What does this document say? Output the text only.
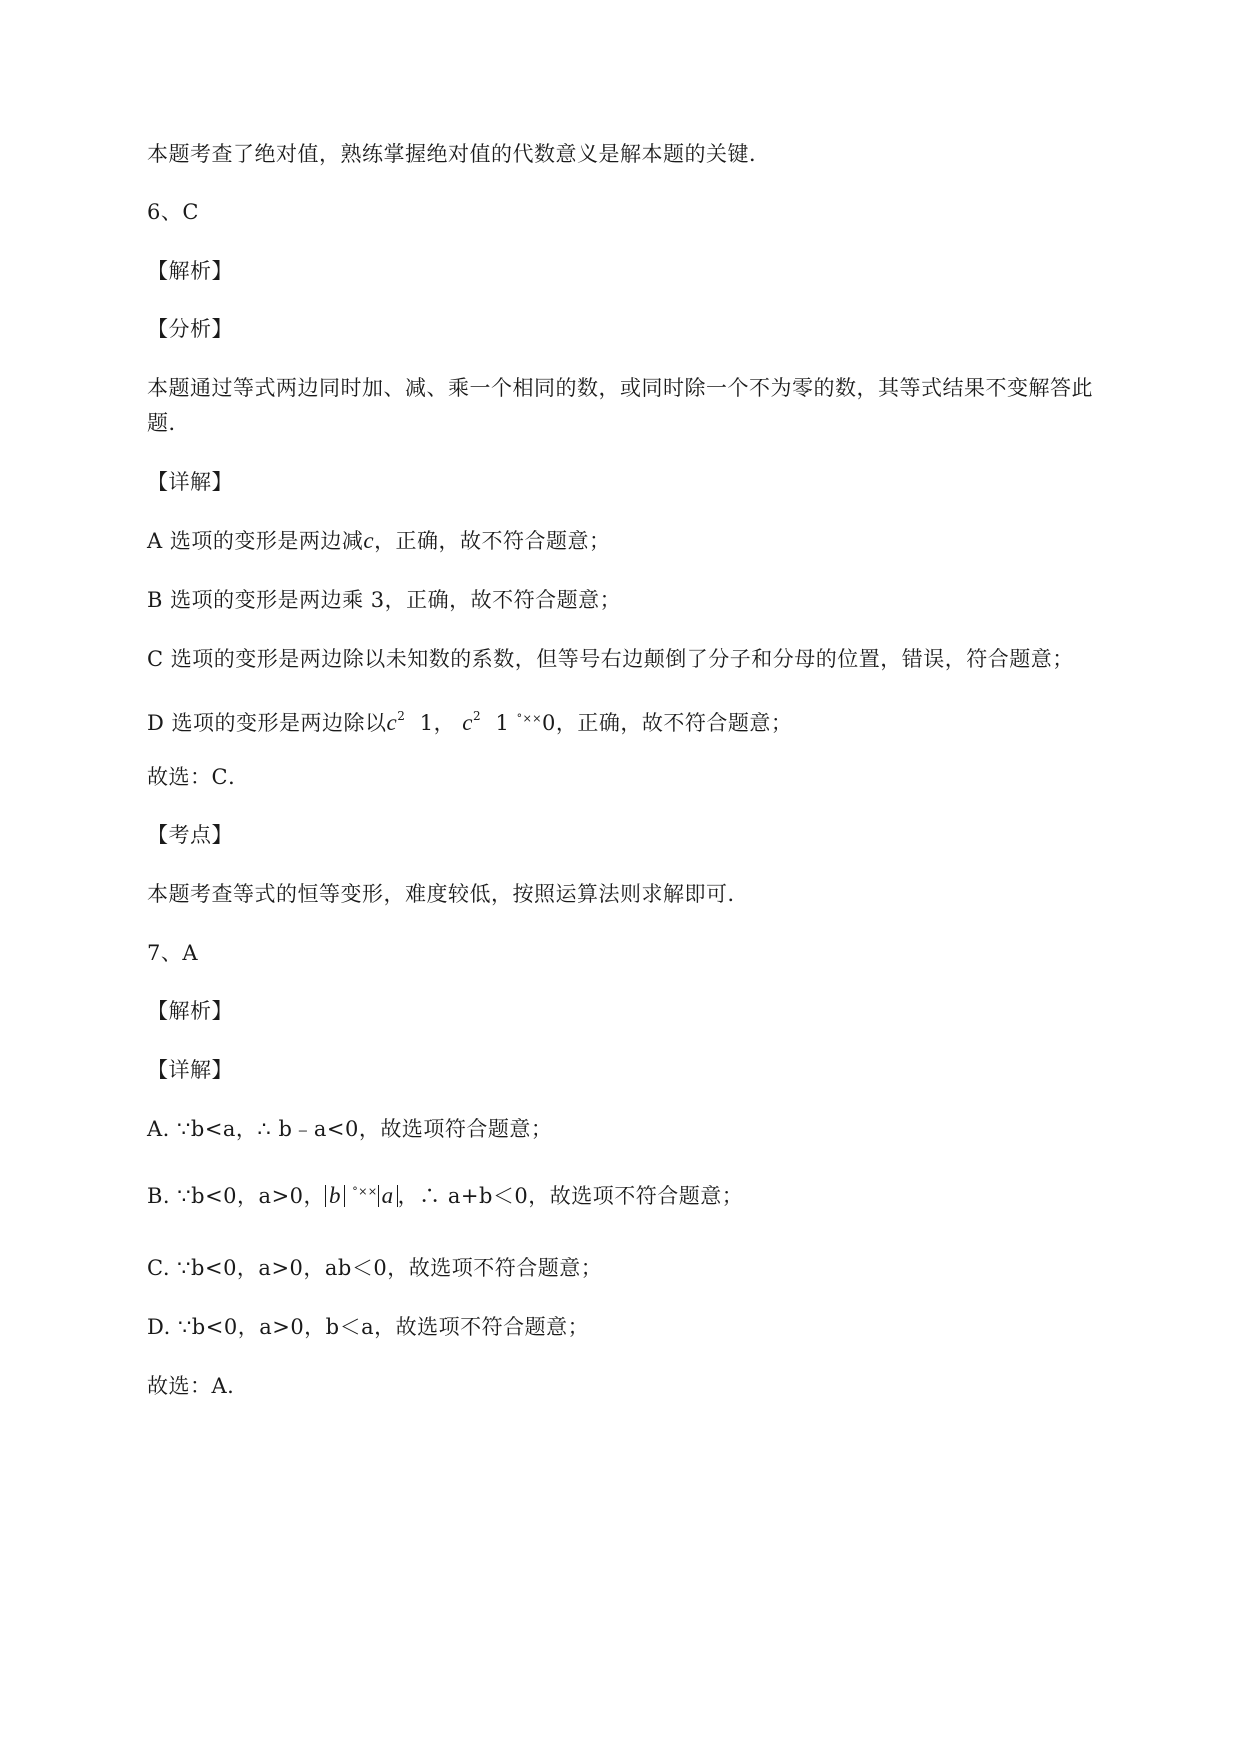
本题考查了绝对值，熟练掌握绝对值的代数意义是解本题的关键．
6、C
【解析】
【分析】
本题通过等式两边同时加、减、乘一个相同的数，或同时除一个不为零的数，其等式结果不变解答此
题．
【详解】
A 选项的变形是两边减c，正确，故不符合题意；
B 选项的变形是两边乘 3，正确，故不符合题意；
C 选项的变形是两边除以未知数的系数，但等号右边颠倒了分子和分母的位置，错误，符合题意；
D 选项的变形是两边除以$c^2$ 1， $c^2$ 1 °××0，正确，故不符合题意；
故选：C．
【考点】
本题考查等式的恒等变形，难度较低，按照运算法则求解即可．
7、A
【解析】
【详解】
A. ∵b<a，∴ b﹣a<0，故选项符合题意；
B. ∵b<0，a>0， b °×× a ，∴ a+b＜0，故选项不符合题意；
C. ∵b<0，a>0，ab＜0，故选项不符合题意；
D. ∵b<0，a>0，b＜a，故选项不符合题意；
故选：A.
